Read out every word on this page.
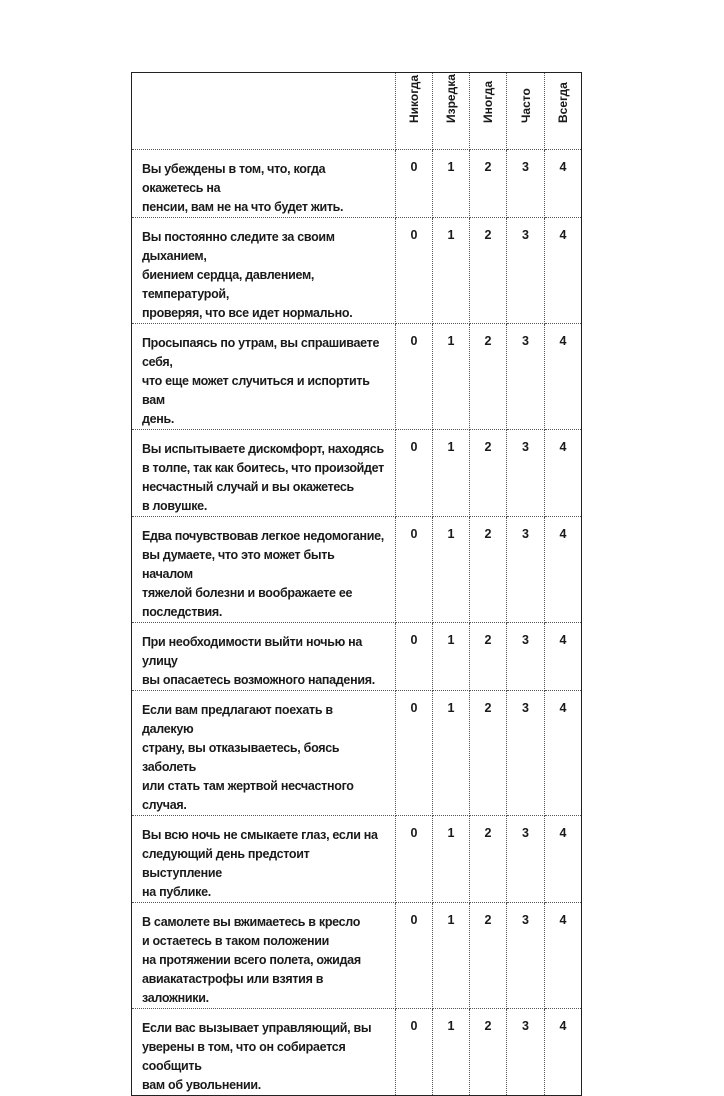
	Никогда	Изредка	Иногда	Часто	Всегда

Вы убеждены в том, что, когда окажетесь на
пенсии, вам не на что будет жить.	0	1	2	3	4

Вы постоянно следите за своим дыханием,
биением сердца, давлением, температурой,
проверяя, что все идет нормально.	0	1	2	3	4

Просыпаясь по утрам, вы спрашиваете себя,
что еще может случиться и испортить вам
день.	0	1	2	3	4

Вы испытываете дискомфорт, находясь
в толпе, так как боитесь, что произойдет
несчастный случай и вы окажетесь
в ловушке.	0	1	2	3	4

Едва почувствовав легкое недомогание,
вы думаете, что это может быть началом
тяжелой болезни и воображаете ее
последствия.	0	1	2	3	4

При необходимости выйти ночью на улицу
вы опасаетесь возможного нападения.	0	1	2	3	4

Если вам предлагают поехать в далекую
страну, вы отказываетесь, боясь заболеть
или стать там жертвой несчастного случая.	0	1	2	3	4

Вы всю ночь не смыкаете глаз, если на
следующий день предстоит выступление
на публике.	0	1	2	3	4

В самолете вы вжимаетесь в кресло
и остаетесь в таком положении
на протяжении всего полета, ожидая
авиакатастрофы или взятия в заложники.	0	1	2	3	4

Если вас вызывает управляющий, вы
уверены в том, что он собирается сообщить
вам об увольнении.	0	1	2	3	4
